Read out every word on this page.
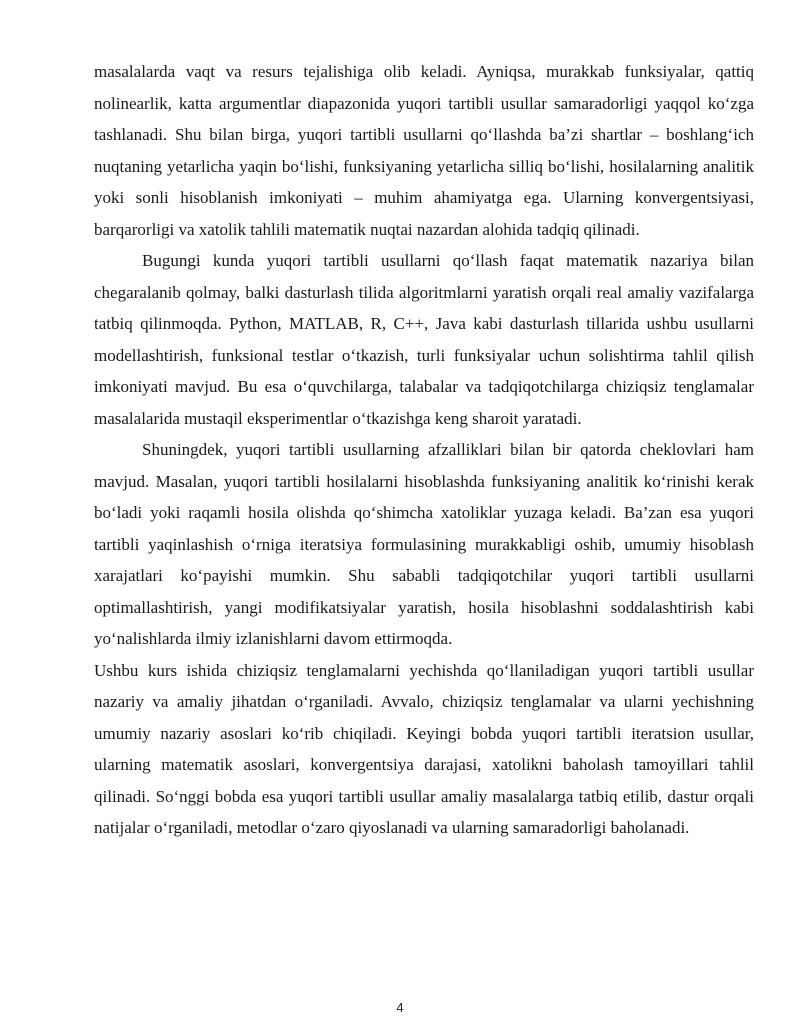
masalalarda vaqt va resurs tejalishiga olib keladi. Ayniqsa, murakkab funksiyalar, qattiq nolinearlik, katta argumentlar diapazonida yuqori tartibli usullar samaradorligi yaqqol ko‘zga tashlanadi. Shu bilan birga, yuqori tartibli usullarni qo‘llashda ba’zi shartlar – boshlang‘ich nuqtaning yetarlicha yaqin bo‘lishi, funksiyaning yetarlicha silliq bo‘lishi, hosilalarning analitik yoki sonli hisoblanish imkoniyati – muhim ahamiyatga ega. Ularning konvergentsiyasi, barqarorligi va xatolik tahlili matematik nuqtai nazardan alohida tadqiq qilinadi.

Bugungi kunda yuqori tartibli usullarni qo‘llash faqat matematik nazariya bilan chegaralanib qolmay, balki dasturlash tilida algoritmlarni yaratish orqali real amaliy vazifalarga tatbiq qilinmoqda. Python, MATLAB, R, C++, Java kabi dasturlash tillarida ushbu usullarni modellashtirish, funksional testlar o‘tkazish, turli funksiyalar uchun solishtirma tahlil qilish imkoniyati mavjud. Bu esa o‘quvchilarga, talabalar va tadqiqotchilarga chiziqsiz tenglamalar masalalarida mustaqil eksperimentlar o‘tkazishga keng sharoit yaratadi.

Shuningdek, yuqori tartibli usullarning afzalliklari bilan bir qatorda cheklovlari ham mavjud. Masalan, yuqori tartibli hosilalarni hisoblashda funksiyaning analitik ko‘rinishi kerak bo‘ladi yoki raqamli hosila olishda qo‘shimcha xatoliklar yuzaga keladi. Ba’zan esa yuqori tartibli yaqinlashish o‘rniga iteratsiya formulasining murakkabligi oshib, umumiy hisoblash xarajatlari ko‘payishi mumkin. Shu sababli tadqiqotchilar yuqori tartibli usullarni optimallashtirish, yangi modifikatsiyalar yaratish, hosila hisoblashni soddalashtirish kabi yo‘nalishlarda ilmiy izlanishlarni davom ettirmoqda.

Ushbu kurs ishida chiziqsiz tenglamalarni yechishda qo‘llaniladigan yuqori tartibli usullar nazariy va amaliy jihatdan o‘rganiladi. Avvalo, chiziqsiz tenglamalar va ularni yechishning umumiy nazariy asoslari ko‘rib chiqiladi. Keyingi bobda yuqori tartibli iteratsion usullar, ularning matematik asoslari, konvergentsiya darajasi, xatolikni baholash tamoyillari tahlil qilinadi. So‘nggi bobda esa yuqori tartibli usullar amaliy masalalarga tatbiq etilib, dastur orqali natijalar o‘rganiladi, metodlar o‘zaro qiyoslanadi va ularning samaradorligi baholanadi.

4
